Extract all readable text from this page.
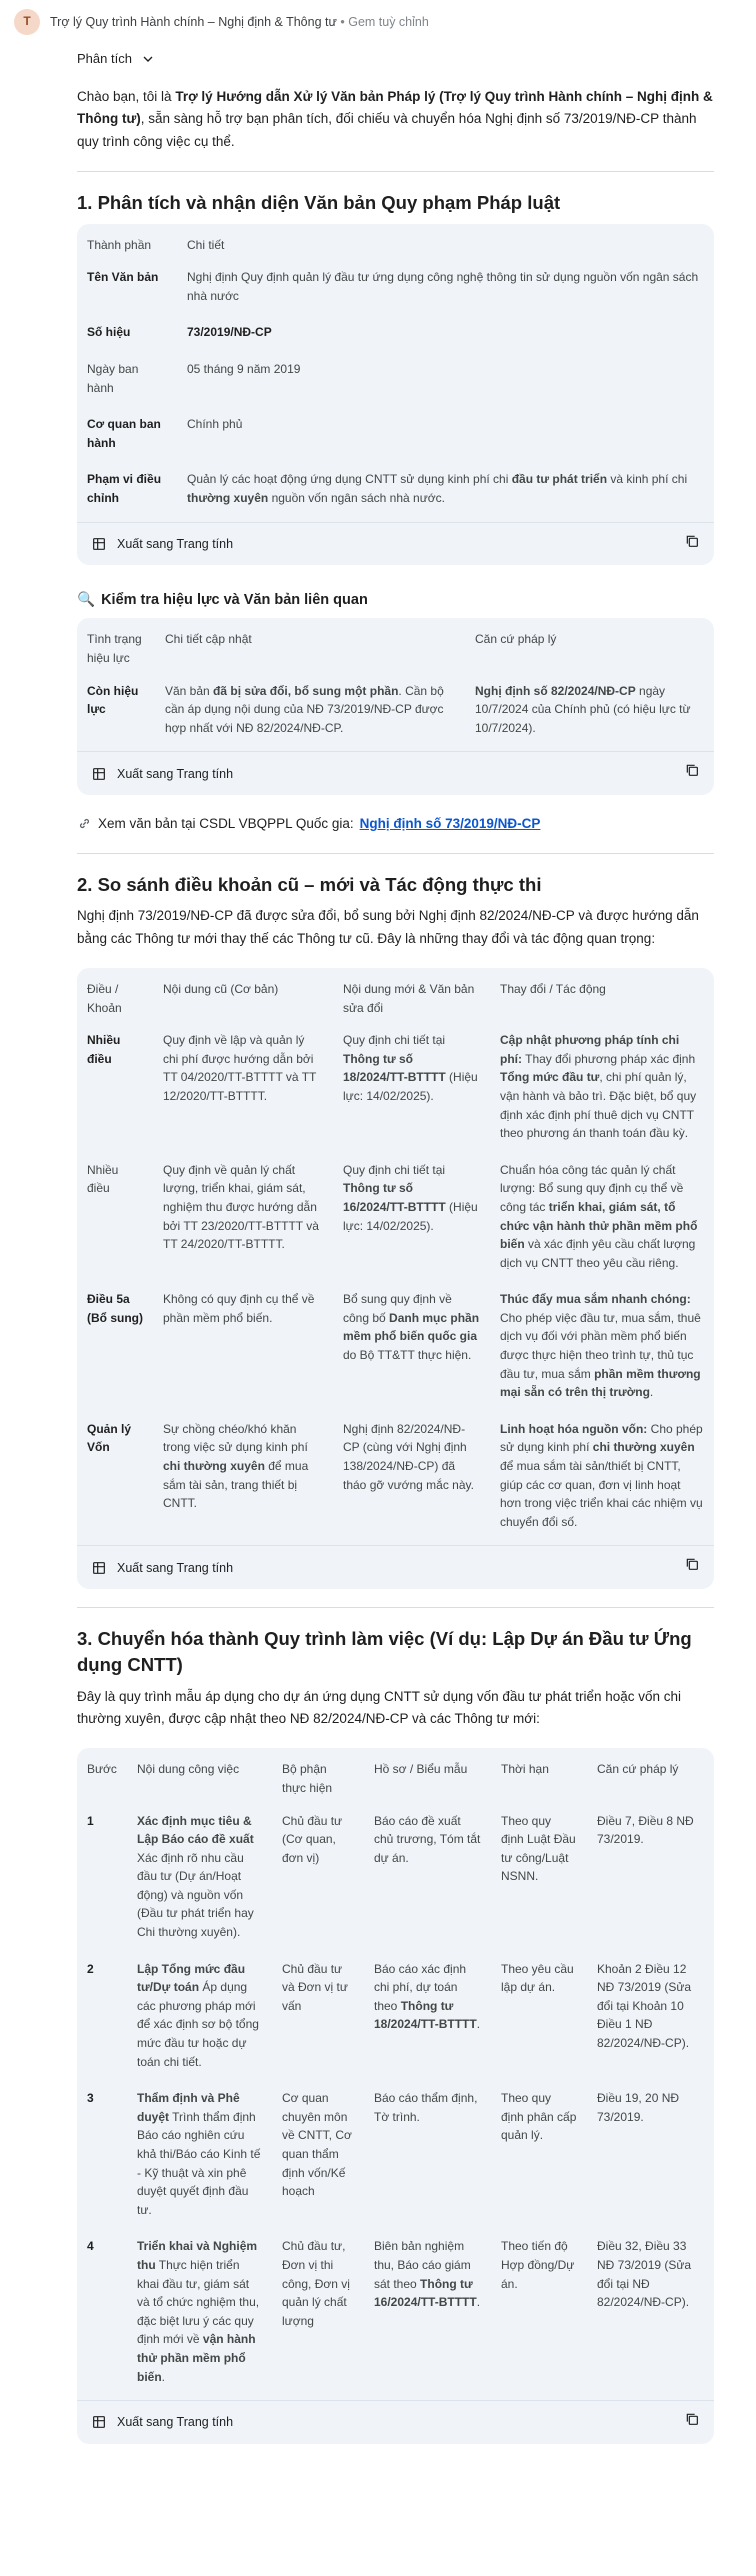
T	Trợ lý Quy trình Hành chính – Nghị định & Thông tư • Gem tuỳ chỉnh
Phân tích

Chào bạn, tôi là Trợ lý Hướng dẫn Xử lý Văn bản Pháp lý (Trợ lý Quy trình Hành chính – Nghị định & Thông tư), sẵn sàng hỗ trợ bạn phân tích, đối chiếu và chuyển hóa Nghị định số 73/2019/NĐ-CP thành quy trình công việc cụ thể.

1. Phân tích và nhận diện Văn bản Quy phạm Pháp luật
Thành phần	Chi tiết
Tên Văn bản	Nghị định Quy định quản lý đầu tư ứng dụng công nghệ thông tin sử dụng nguồn vốn ngân sách nhà nước
Số hiệu	73/2019/NĐ-CP
Ngày ban hành	05 tháng 9 năm 2019
Cơ quan ban hành	Chính phủ
Phạm vi điều chỉnh	Quản lý các hoạt động ứng dụng CNTT sử dụng kinh phí chi đầu tư phát triển và kinh phí chi thường xuyên nguồn vốn ngân sách nhà nước.
Xuất sang Trang tính
🔍 Kiểm tra hiệu lực và Văn bản liên quan
Tình trạng hiệu lực	Chi tiết cập nhật	Căn cứ pháp lý
Còn hiệu lực	Văn bản đã bị sửa đổi, bổ sung một phần. Cần bộ cần áp dụng nội dung của NĐ 73/2019/NĐ-CP được hợp nhất với NĐ 82/2024/NĐ-CP.	Nghị định số 82/2024/NĐ-CP ngày 10/7/2024 của Chính phủ (có hiệu lực từ 10/7/2024).
Xuất sang Trang tính
Xem văn bản tại CSDL VBQPPL Quốc gia: Nghị định số 73/2019/NĐ-CP
2. So sánh điều khoản cũ – mới và Tác động thực thi

Nghị định 73/2019/NĐ-CP đã được sửa đổi, bổ sung bởi Nghị định 82/2024/NĐ-CP và được hướng dẫn bằng các Thông tư mới thay thế các Thông tư cũ. Đây là những thay đổi và tác động quan trọng:

Điều / Khoản	Nội dung cũ (Cơ bản)	Nội dung mới & Văn bản sửa đổi	Thay đổi / Tác động
Nhiều điều	Quy định về lập và quản lý chi phí được hướng dẫn bởi TT 04/2020/TT-BTTTT và TT 12/2020/TT-BTTTT.	Quy định chi tiết tại Thông tư số 18/2024/TT-BTTTT (Hiệu lực: 14/02/2025).	Cập nhật phương pháp tính chi phí: Thay đổi phương pháp xác định Tổng mức đầu tư, chi phí quản lý, vận hành và bảo trì. Đặc biệt, bổ quy định xác định phí thuê dịch vụ CNTT theo phương án thanh toán đầu kỳ.
Nhiều điều	Quy định về quản lý chất lượng, triển khai, giám sát, nghiệm thu được hướng dẫn bởi TT 23/2020/TT-BTTTT và TT 24/2020/TT-BTTTT.	Quy định chi tiết tại Thông tư số 16/2024/TT-BTTTT (Hiệu lực: 14/02/2025).	Chuẩn hóa công tác quản lý chất lượng: Bổ sung quy định cụ thể về công tác triển khai, giám sát, tổ chức vận hành thử phần mềm phổ biến và xác định yêu cầu chất lượng dịch vụ CNTT theo yêu cầu riêng.
Điều 5a (Bổ sung)	Không có quy định cụ thể về phần mềm phổ biến.	Bổ sung quy định về công bố Danh mục phần mềm phổ biến quốc gia do Bộ TT&TT thực hiện.	Thúc đẩy mua sắm nhanh chóng: Cho phép việc đầu tư, mua sắm, thuê dịch vụ đối với phần mềm phổ biến được thực hiện theo trình tự, thủ tục đầu tư, mua sắm phần mềm thương mại sẵn có trên thị trường.
Quản lý Vốn	Sự chồng chéo/khó khăn trong việc sử dụng kinh phí chi thường xuyên để mua sắm tài sản, trang thiết bị CNTT.	Nghị định 82/2024/NĐ-CP (cùng với Nghị định 138/2024/NĐ-CP) đã tháo gỡ vướng mắc này.	Linh hoạt hóa nguồn vốn: Cho phép sử dụng kinh phí chi thường xuyên để mua sắm tài sản/thiết bị CNTT, giúp các cơ quan, đơn vị linh hoạt hơn trong việc triển khai các nhiệm vụ chuyển đổi số.
Xuất sang Trang tính
3. Chuyển hóa thành Quy trình làm việc (Ví dụ: Lập Dự án Đầu tư Ứng dụng CNTT)

Đây là quy trình mẫu áp dụng cho dự án ứng dụng CNTT sử dụng vốn đầu tư phát triển hoặc vốn chi thường xuyên, được cập nhật theo NĐ 82/2024/NĐ-CP và các Thông tư mới:

Bước	Nội dung công việc	Bộ phận thực hiện	Hồ sơ / Biểu mẫu	Thời hạn	Căn cứ pháp lý
1	Xác định mục tiêu & Lập Báo cáo đề xuất Xác định rõ nhu cầu đầu tư (Dự án/Hoạt động) và nguồn vốn (Đầu tư phát triển hay Chi thường xuyên).	Chủ đầu tư (Cơ quan, đơn vị)	Báo cáo đề xuất chủ trương, Tóm tắt dự án.	Theo quy định Luật Đầu tư công/Luật NSNN.	Điều 7, Điều 8 NĐ 73/2019.
2	Lập Tổng mức đầu tư/Dự toán Áp dụng các phương pháp mới để xác định sơ bộ tổng mức đầu tư hoặc dự toán chi tiết.	Chủ đầu tư và Đơn vị tư vấn	Báo cáo xác định chi phí, dự toán theo Thông tư 18/2024/TT-BTTTT.	Theo yêu cầu lập dự án.	Khoản 2 Điều 12 NĐ 73/2019 (Sửa đổi tại Khoản 10 Điều 1 NĐ 82/2024/NĐ-CP).
3	Thẩm định và Phê duyệt Trình thẩm định Báo cáo nghiên cứu khả thi/Báo cáo Kinh tế - Kỹ thuật và xin phê duyệt quyết định đầu tư.	Cơ quan chuyên môn về CNTT, Cơ quan thẩm định vốn/Kế hoạch	Báo cáo thẩm định, Tờ trình.	Theo quy định phân cấp quản lý.	Điều 19, 20 NĐ 73/2019.
4	Triển khai và Nghiệm thu Thực hiện triển khai đầu tư, giám sát và tổ chức nghiệm thu, đặc biệt lưu ý các quy định mới về vận hành thử phần mềm phổ biến.	Chủ đầu tư, Đơn vị thi công, Đơn vị quản lý chất lượng	Biên bản nghiệm thu, Báo cáo giám sát theo Thông tư 16/2024/TT-BTTTT.	Theo tiến độ Hợp đồng/Dự án.	Điều 32, Điều 33 NĐ 73/2019 (Sửa đổi tại NĐ 82/2024/NĐ-CP).
Xuất sang Trang tính
